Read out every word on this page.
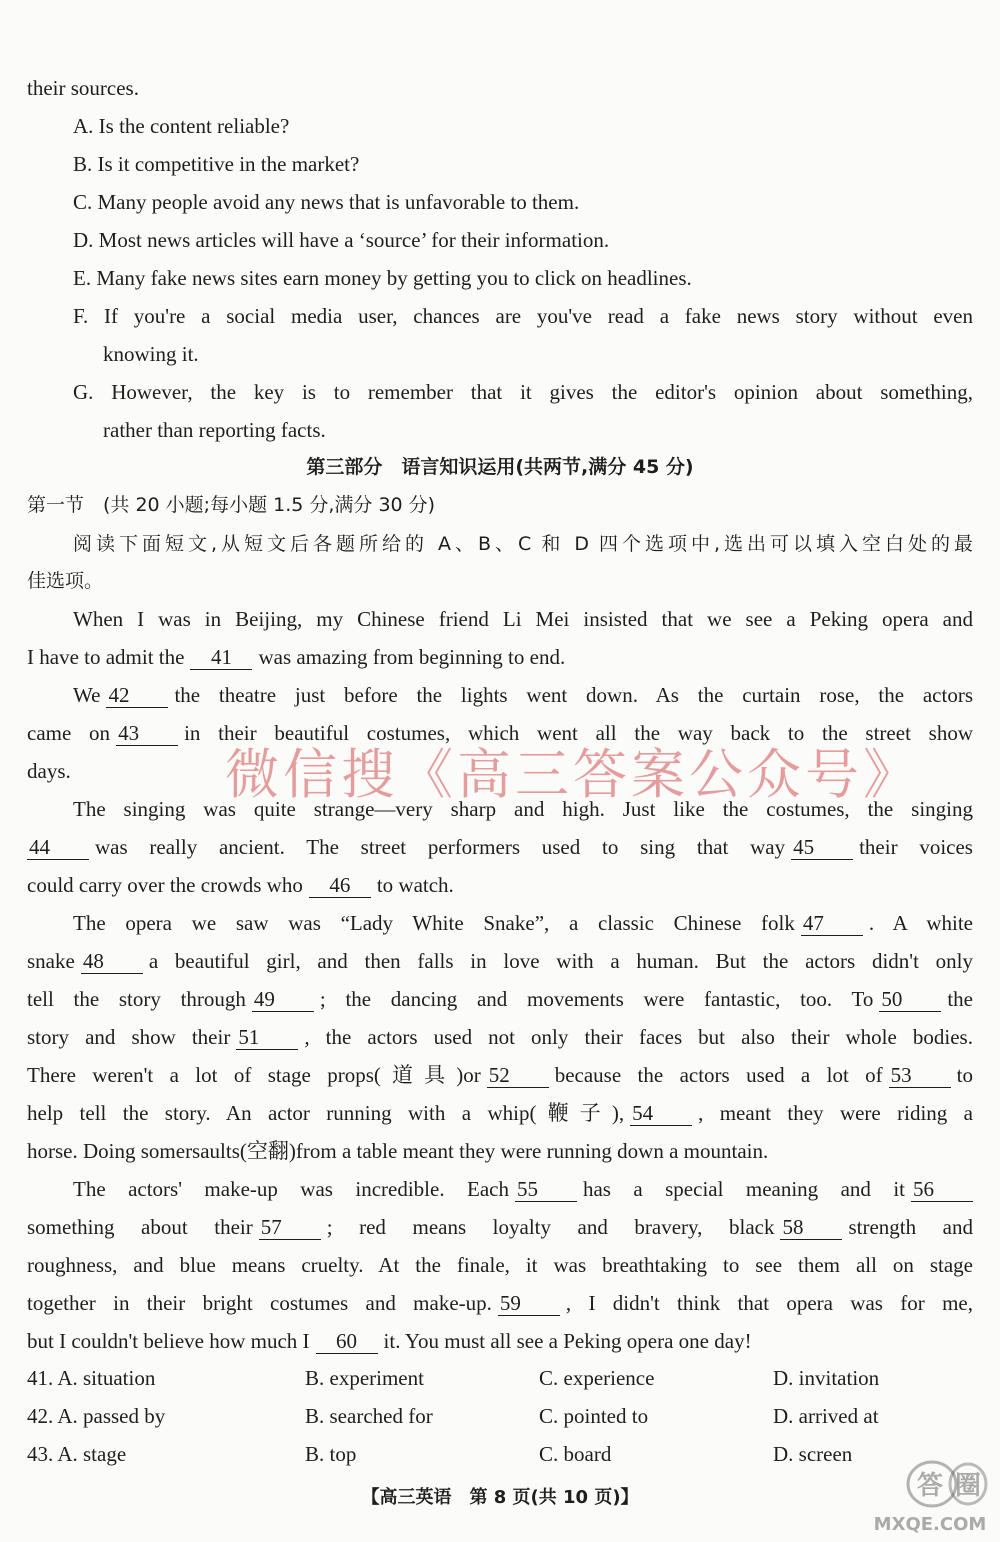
their sources.
A. Is the content reliable?
B. Is it competitive in the market?
C. Many people avoid any news that is unfavorable to them.
D. Most news articles will have a ‘source’ for their information.
E. Many fake news sites earn money by getting you to click on headlines.
F. If you're a social media user, chances are you've read a fake news story without even
knowing it.
G. However, the key is to remember that it gives the editor's opinion about something,
rather than reporting facts.
第三部分　语言知识运用(共两节,满分 45 分)
第一节　(共 20 小题;每小题 1.5 分,满分 30 分)
阅读下面短文,从短文后各题所给的 A、B、C 和 D 四个选项中,选出可以填入空白处的最
佳选项。
When I was in Beijing, my Chinese friend Li Mei insisted that we see a Peking opera and
I have to admit the 41 was amazing from beginning to end.
We 42 the theatre just before the lights went down. As the curtain rose, the actors
came on 43 in their beautiful costumes, which went all the way back to the street show
days.	微信搜《高三答案公众号》
The singing was quite strange—very sharp and high. Just like the costumes, the singing
44 was really ancient. The street performers used to sing that way 45 their voices
could carry over the crowds who 46 to watch.
The opera we saw was “Lady White Snake”, a classic Chinese folk 47 . A white
snake 48 a beautiful girl, and then falls in love with a human. But the actors didn't only
tell the story through 49 ; the dancing and movements were fantastic, too. To 50 the
story and show their 51 , the actors used not only their faces but also their whole bodies.
There weren't a lot of stage props(道具)or 52 because the actors used a lot of 53 to
help tell the story. An actor running with a whip(鞭子), 54 , meant they were riding a
horse. Doing somersaults(空翻)from a table meant they were running down a mountain.
The actors' make-up was incredible. Each 55 has a special meaning and it 56
something about their 57 ; red means loyalty and bravery, black 58 strength and
roughness, and blue means cruelty. At the finale, it was breathtaking to see them all on stage
together in their bright costumes and make-up. 59 , I didn't think that opera was for me,
but I couldn't believe how much I 60 it. You must all see a Peking opera one day!
41. A. situation	B. experiment	C. experience	D. invitation
42. A. passed by	B. searched for	C. pointed to	D. arrived at
43. A. stage	B. top	C. board	D. screen
【高三英语　第 8 页(共 10 页)】	答 圈
MXQE.COM
